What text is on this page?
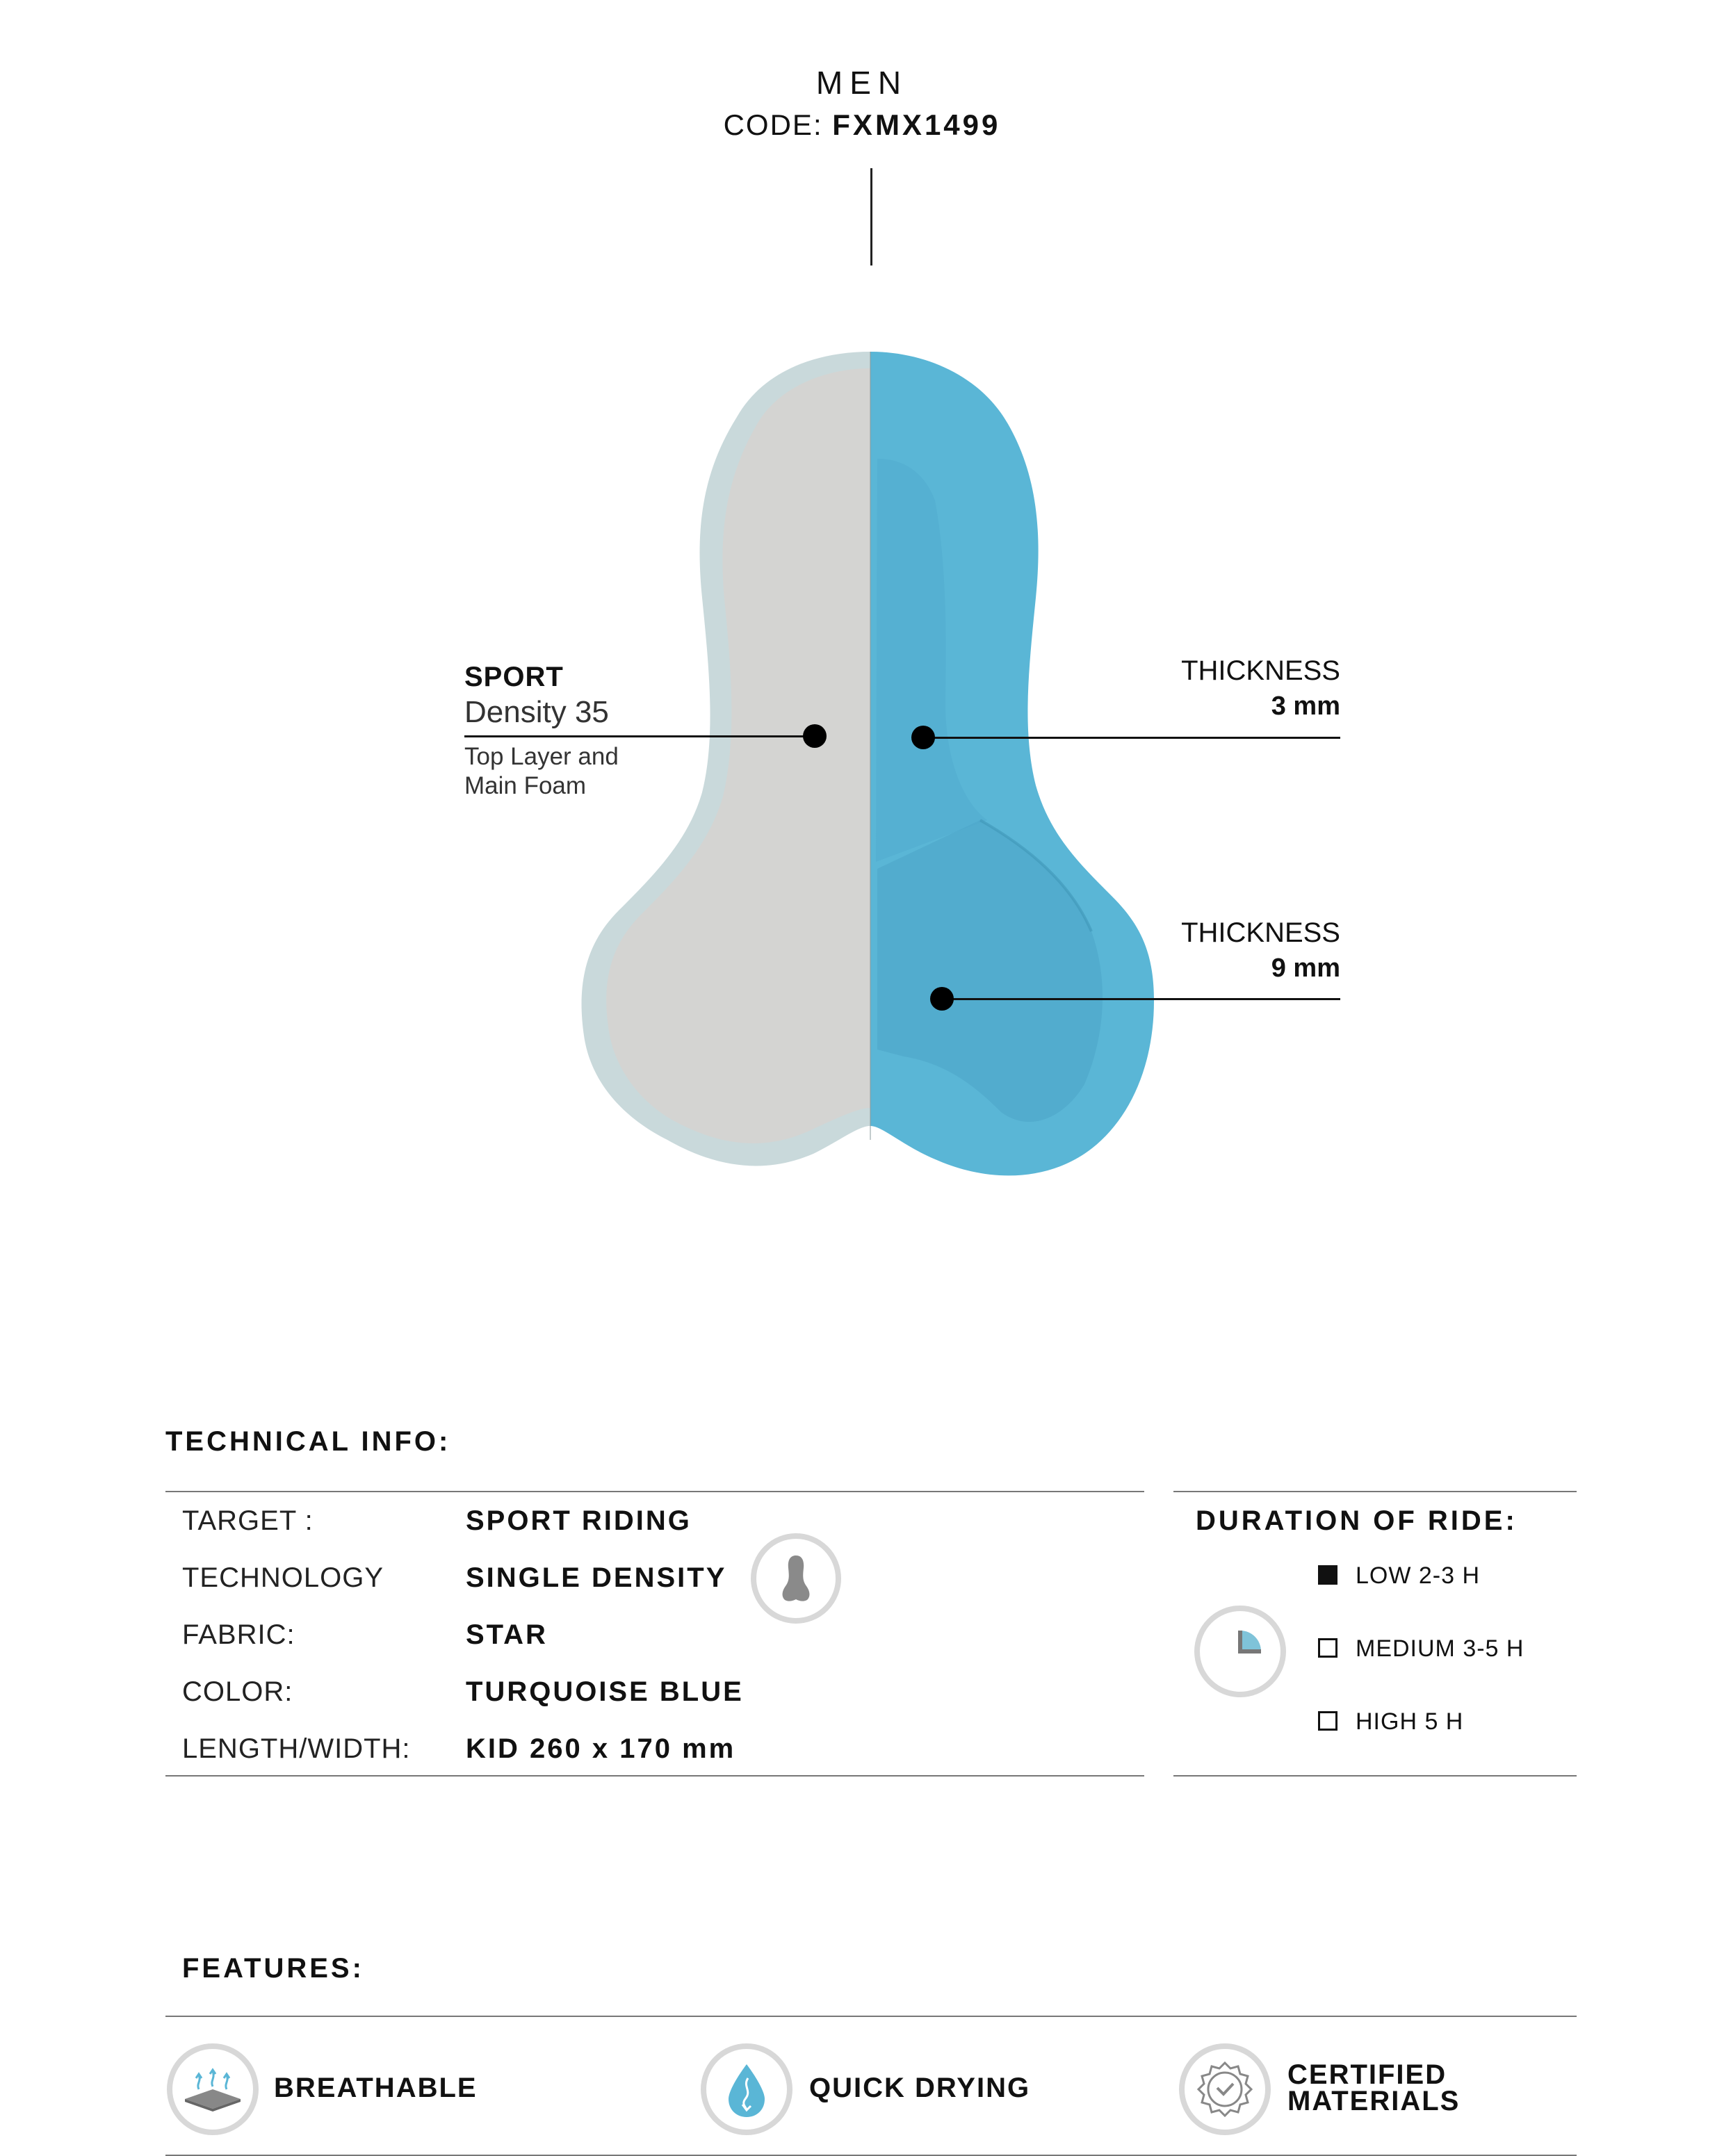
MEN
CODE: FXMX1499
SPORT
Density 35
Top Layer and
Main Foam
THICKNESS
3 mm
THICKNESS
9 mm
TECHNICAL INFO:
TARGET :	SPORT RIDING
TECHNOLOGY	SINGLE DENSITY
FABRIC:	STAR
COLOR:	TURQUOISE BLUE
LENGTH/WIDTH: KID 260 x 170 mm
DURATION OF RIDE:
LOW 2-3 H
MEDIUM 3-5 H
HIGH 5 H
FEATURES:
BREATHABLE	QUICK DRYING	CERTIFIED
MATERIALS
